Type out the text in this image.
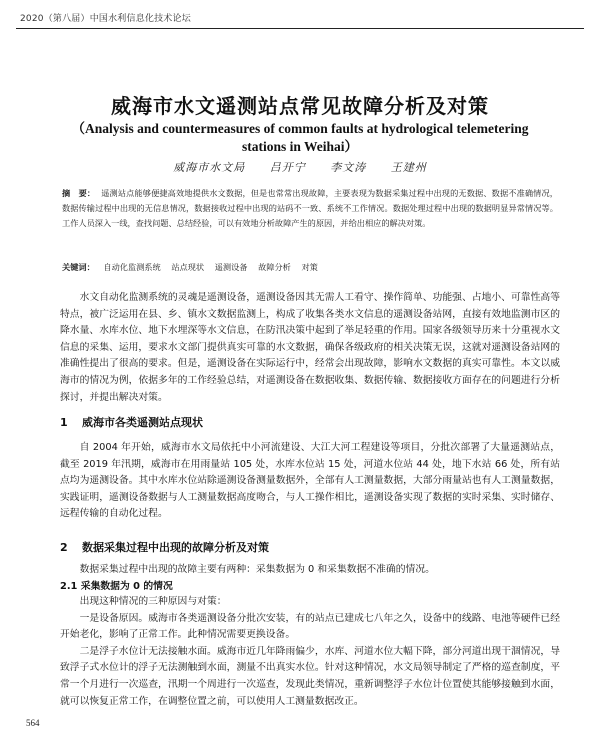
2020（第八届）中国水利信息化技术论坛
威海市水文遥测站点常见故障分析及对策
（Analysis and countermeasures of common faults at hydrological telemetering stations in Weihai）
威海市水文局 吕开宁 李文涛 王建州
摘　要： 遥测站点能够便捷高效地提供水文数据，但是也常常出现故障，主要表现为数据采集过程中出现的无数据、数据不准确情况，数据传输过程中出现的无信息情况，数据接收过程中出现的站码不一致、系统不工作情况。数据处理过程中出现的数据明显异常情况等。工作人员深入一线，查找问题、总结经验，可以有效地分析故障产生的原因，并给出相应的解决对策。
关键词： 自动化监测系统 站点现状 遥测设备 故障分析 对策

水文自动化监测系统的灵魂是遥测设备，遥测设备因其无需人工看守、操作简单、功能强、占地小、可靠性高等特点，被广泛运用在县、乡、镇水文数据监测上，构成了收集各类水文信息的遥测设备站网，直接有效地监测市区的降水量、水库水位、地下水埋深等水文信息，在防汛决策中起到了举足轻重的作用。国家各级领导历来十分重视水文信息的采集、运用，要求水文部门提供真实可靠的水文数据，确保各级政府的相关决策无误，这就对遥测设备站网的准确性提出了很高的要求。但是，遥测设备在实际运行中，经常会出现故障，影响水文数据的真实可靠性。本文以威海市的情况为例，依据多年的工作经验总结，对遥测设备在数据收集、数据传输、数据接收方面存在的问题进行分析探讨，并提出解决对策。

1 威海市各类遥测站点现状

自 2004 年开始，威海市水文局依托中小河流建设、大江大河工程建设等项目，分批次部署了大量遥测站点，截至 2019 年汛期，威海市在用雨量站 105 处，水库水位站 15 处，河道水位站 44 处，地下水站 66 处，所有站点均为遥测设备。其中水库水位站除遥测设备测量数据外，全部有人工测量数据，大部分雨量站也有人工测量数据，实践证明，遥测设备数据与人工测量数据高度吻合，与人工操作相比，遥测设备实现了数据的实时采集、实时储存、远程传输的自动化过程。

2 数据采集过程中出现的故障分析及对策

数据采集过程中出现的故障主要有两种：采集数据为 0 和采集数据不准确的情况。

2.1 采集数据为 0 的情况

出现这种情况的三种原因与对策：

一是设备原因。威海市各类遥测设备分批次安装，有的站点已建成七八年之久，设备中的线路、电池等硬件已经开始老化，影响了正常工作。此种情况需要更换设备。

二是浮子水位计无法接触水面。威海市近几年降雨偏少，水库、河道水位大幅下降，部分河道出现干涸情况，导致浮子式水位计的浮子无法测触到水面，测量不出真实水位。针对这种情况，水文局领导制定了严格的巡查制度，平常一个月进行一次巡查，汛期一个周进行一次巡查，发现此类情况，重新调整浮子水位计位置使其能够接触到水面，就可以恢复正常工作，在调整位置之前，可以使用人工测量数据改正。

564
